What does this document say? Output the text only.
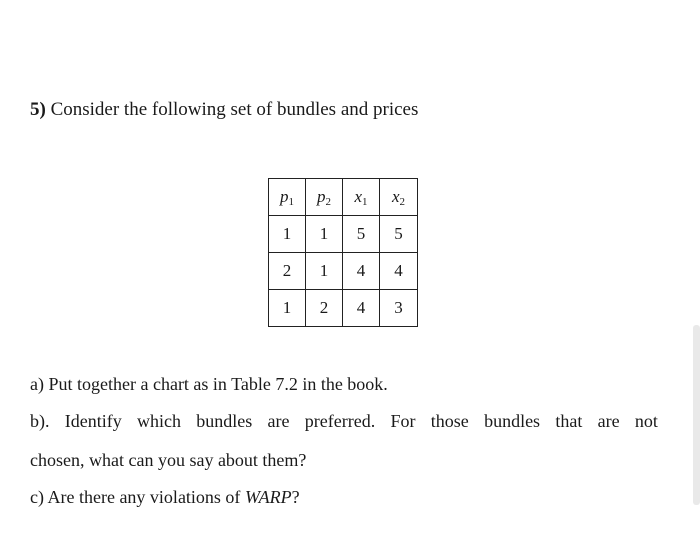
5) Consider the following set of bundles and prices
$p_1$	$p_2$	$x_1$	$x_2$
1	1	5	5
2	1	4	4
1	2	4	3
a) Put together a chart as in Table 7.2 in the book.
b). Identify which bundles are preferred. For those bundles that are not
chosen, what can you say about them?
c) Are there any violations of WARP?
